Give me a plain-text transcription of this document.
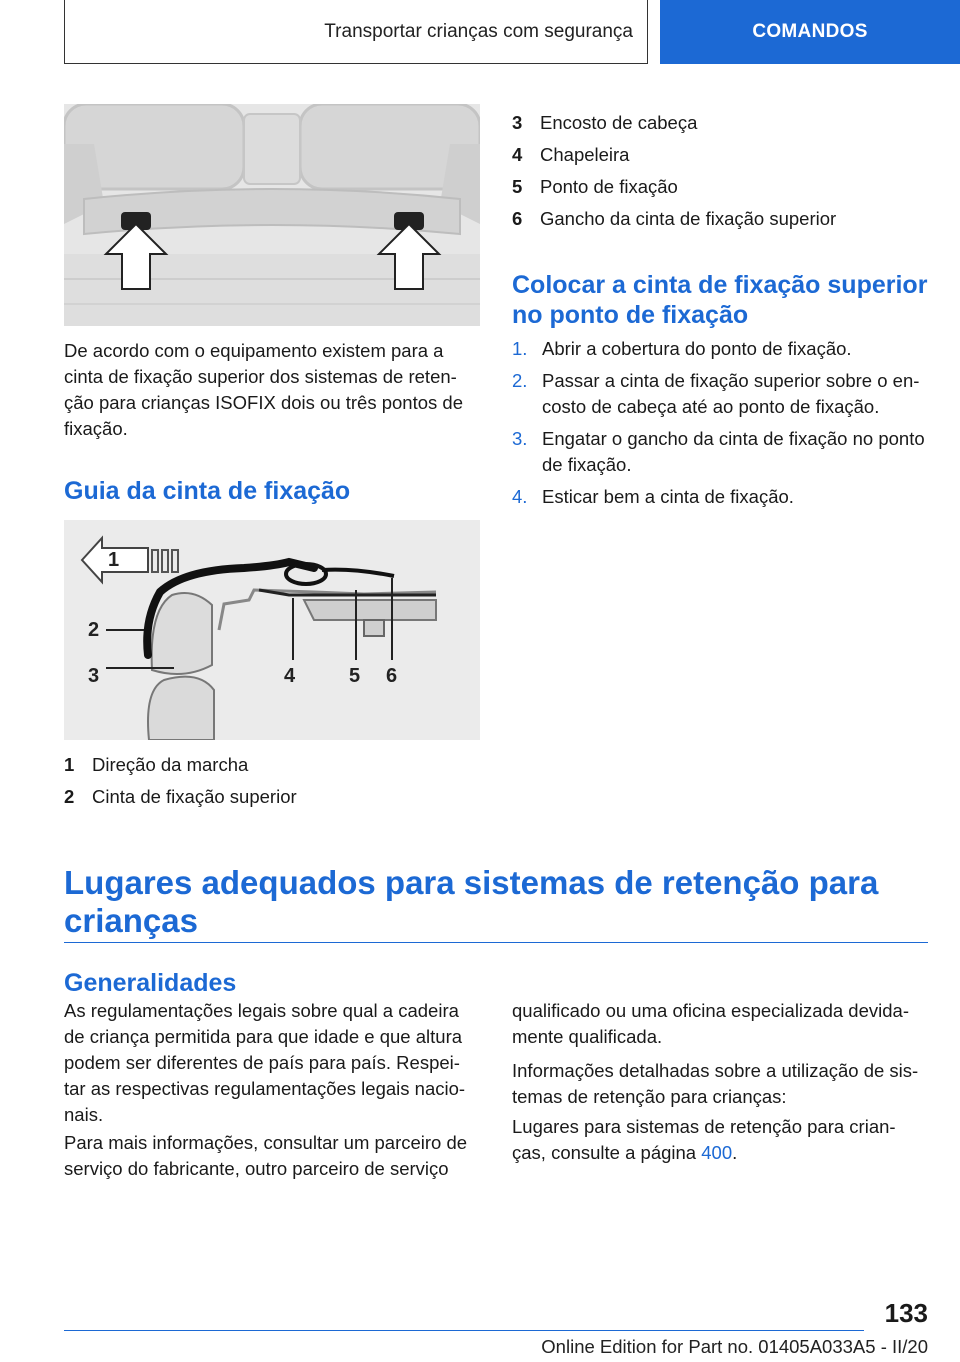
Transportar crianças com segurança	COMANDOS
De acordo com o equipamento existem para a cinta de fixação superior dos sistemas de reten-ção para crianças ISOFIX dois ou três pontos de fixação.
Guia da cinta de fixação
1
2
3	4	5 6
1 Direção da marcha
2 Cinta de fixação superior
3 Encosto de cabeça
4 Chapeleira
5 Ponto de fixação
6 Gancho da cinta de fixação superior
Colocar a cinta de fixação superior no ponto de fixação
1. Abrir a cobertura do ponto de fixação.
2. Passar a cinta de fixação superior sobre o en-costo de cabeça até ao ponto de fixação.
3. Engatar o gancho da cinta de fixação no ponto de fixação.
4. Esticar bem a cinta de fixação.
Lugares adequados para sistemas de retenção para crianças
Generalidades
As regulamentações legais sobre qual a cadeira de criança permitida para que idade e que altura podem ser diferentes de país para país. Respei-tar as respectivas regulamentações legais nacio-nais.
Para mais informações, consultar um parceiro de serviço do fabricante, outro parceiro de serviço
qualificado ou uma oficina especializada devida-mente qualificada.
Informações detalhadas sobre a utilização de sis-temas de retenção para crianças:
Lugares para sistemas de retenção para crian-ças, consulte a página 400.
133
Online Edition for Part no. 01405A033A5 - II/20
